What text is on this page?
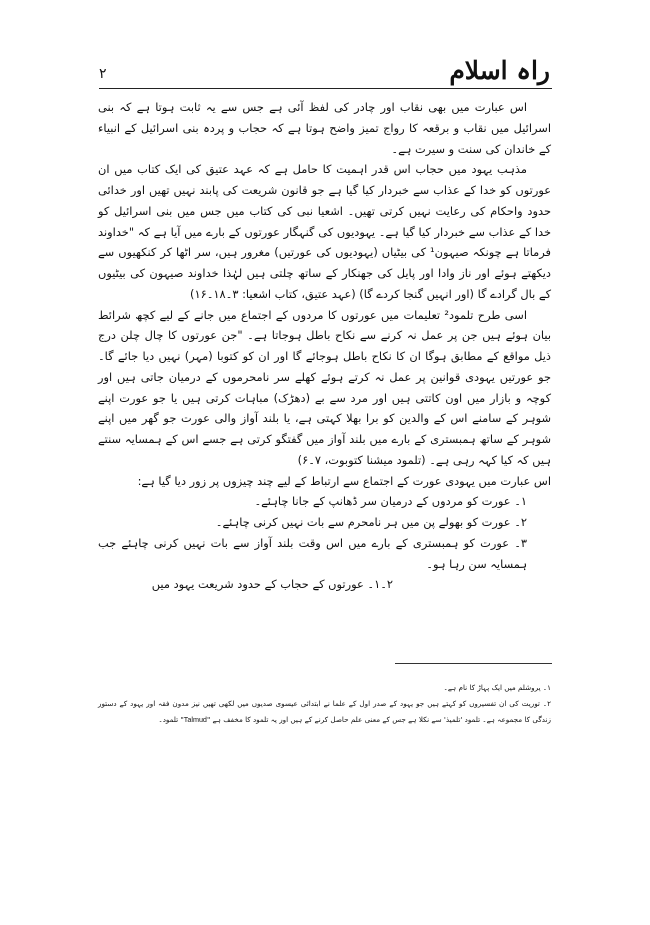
راہ اسلام
۲

اس عبارت میں بھی نقاب اور چادر کی لفظ آئی ہے جس سے یہ ثابت ہوتا ہے کہ بنی اسرائیل میں نقاب و برقعہ کا رواج تمیز واضح ہوتا ہے کہ حجاب و پردہ بنی اسرائیل کے انبیاء کے خاندان کی سنت و سیرت ہے۔

مذہب یہود میں حجاب اس قدر اہمیت کا حامل ہے کہ عہد عتیق کی ایک کتاب میں ان عورتوں کو خدا کے عذاب سے خبردار کیا گیا ہے جو قانون شریعت کی پابند نہیں تھیں اور خدائی حدود واحکام کی رعایت نہیں کرتی تھیں۔ اشعیا نبی کی کتاب میں جس میں بنی اسرائیل کو خدا کے عذاب سے خبردار کیا گیا ہے۔ یہودیوں کی گنہگار عورتوں کے بارے میں آیا ہے کہ "خداوند فرماتا ہے چونکہ صیہون¹ کی بیٹیاں (یہودیوں کی عورتیں) مغرور ہیں، سر اٹھا کر کنکھیوں سے دیکھتے ہوئے اور ناز وادا اور پایل کی جھنکار کے ساتھ چلتی ہیں لہٰذا خداوند صیہون کی بیٹیوں کے بال گرادے گا (اور انہیں گنجا کردے گا) (عہد عتیق، کتاب اشعیا: ۳۔۱۸۔۱۶)

اسی طرح تلمود² تعلیمات میں عورتوں کا مردوں کے اجتماع میں جانے کے لیے کچھ شرائط بیان ہوئے ہیں جن پر عمل نہ کرنے سے نکاح باطل ہوجاتا ہے۔ "جن عورتوں کا چال چلن درج ذیل مواقع کے مطابق ہوگا ان کا نکاح باطل ہوجائے گا اور ان کو کتوبا (مہر) نہیں دیا جائے گا۔ جو عورتیں یہودی قوانین پر عمل نہ کرتے ہوئے کھلے سر نامحرموں کے درمیان جاتی ہیں اور کوچہ و بازار میں اون کاتتی ہیں اور مرد سے بے (دھڑک) مباہات کرتی ہیں یا جو عورت اپنے شوہر کے سامنے اس کے والدین کو برا بھلا کہتی ہے، یا بلند آواز والی عورت جو گھر میں اپنے شوہر کے ساتھ ہمبستری کے بارے میں بلند آواز میں گفتگو کرتی ہے جسے اس کے ہمسایہ سنتے ہیں کہ کیا کہہ رہی ہے۔ (تلمود میشنا کتوبوت، ۷۔۶)

اس عبارت میں یہودی عورت کے اجتماع سے ارتباط کے لیے چند چیزوں پر زور دیا گیا ہے:

۱۔ عورت کو مردوں کے درمیان سر ڈھانپ کے جانا چاہئے۔

۲۔ عورت کو بھولے پن میں ہر نامحرم سے بات نہیں کرنی چاہئے۔

۳۔ عورت کو ہمبستری کے بارے میں اس وقت بلند آواز سے بات نہیں کرنی چاہئے جب ہمسایہ سن رہا ہو۔

۲۔۱۔ عورتوں کے حجاب کے حدود شریعت یہود میں

۱۔ یروشلم میں ایک پہاڑ کا نام ہے۔

۲۔ توریت کی ان تفسیروں کو کہتے ہیں جو یہود کے صدر اول کے علما نے ابتدائی عیسوی صدیوں میں لکھی تھیں نیز مدون فقہ اور یہود کے دستور زندگی کا مجموعہ ہے۔ تلمود 'تلمیذ' سے نکلا ہے جس کے معنی علم حاصل کرنے کے ہیں اور یہ تلمود کا مخفف ہے "Talmud" تلمود۔
